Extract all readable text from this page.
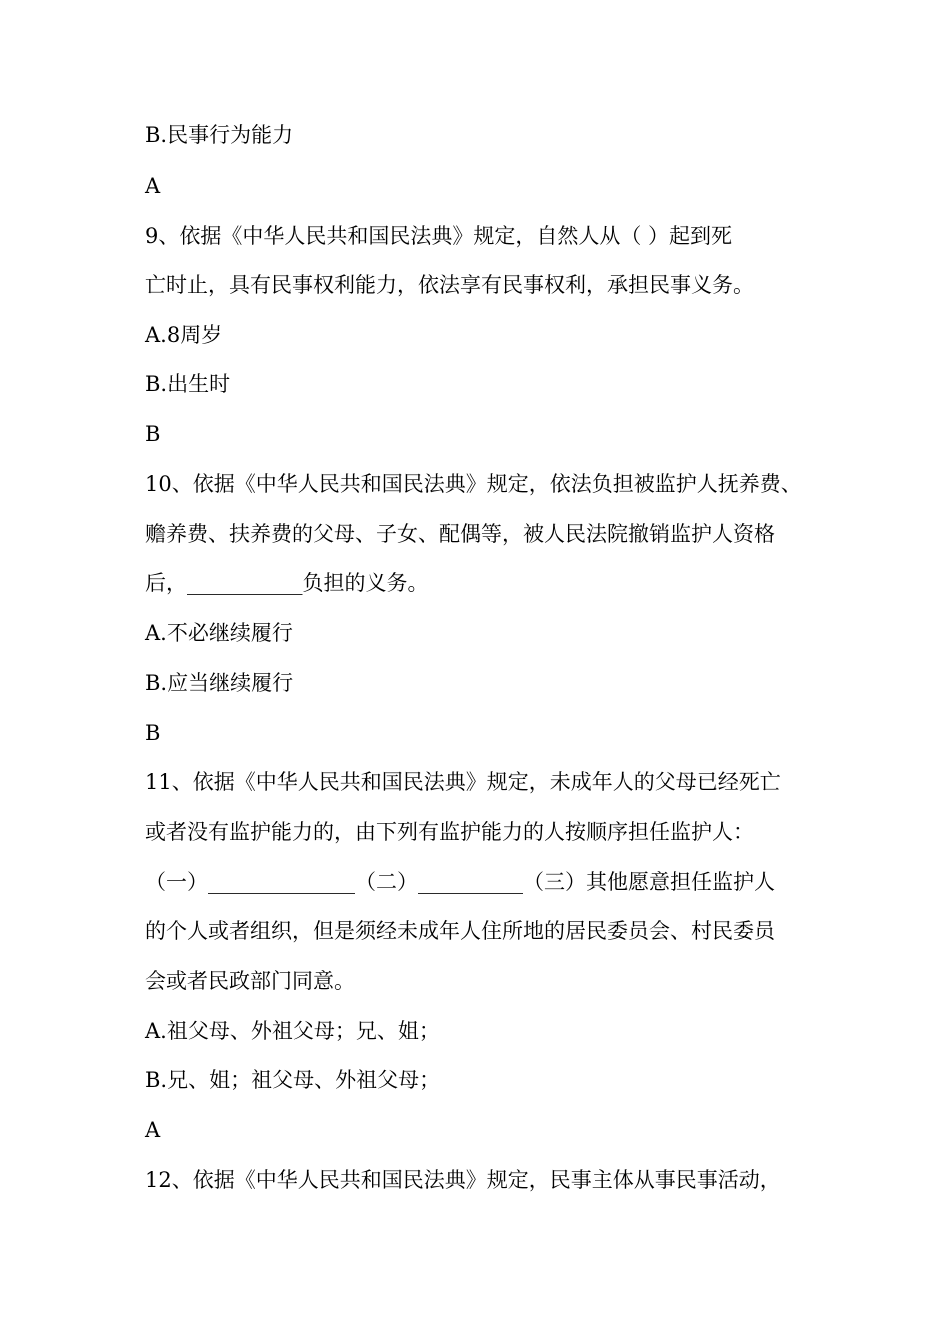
B.民事行为能力
A
9、依据《中华人民共和国民法典》规定，自然人从（ ）起到死
亡时止，具有民事权利能力，依法享有民事权利，承担民事义务。
A.8周岁
B.出生时
B
10、依据《中华人民共和国民法典》规定，依法负担被监护人抚养费、
赡养费、扶养费的父母、子女、配偶等，被人民法院撤销监护人资格
后，___________负担的义务。
A.不必继续履行
B.应当继续履行
B
11、依据《中华人民共和国民法典》规定，未成年人的父母已经死亡
或者没有监护能力的，由下列有监护能力的人按顺序担任监护人：
（一）______________（二）__________（三）其他愿意担任监护人
的个人或者组织，但是须经未成年人住所地的居民委员会、村民委员
会或者民政部门同意。
A.祖父母、外祖父母；兄、姐；
B.兄、姐；祖父母、外祖父母；
A
12、依据《中华人民共和国民法典》规定，民事主体从事民事活动，
